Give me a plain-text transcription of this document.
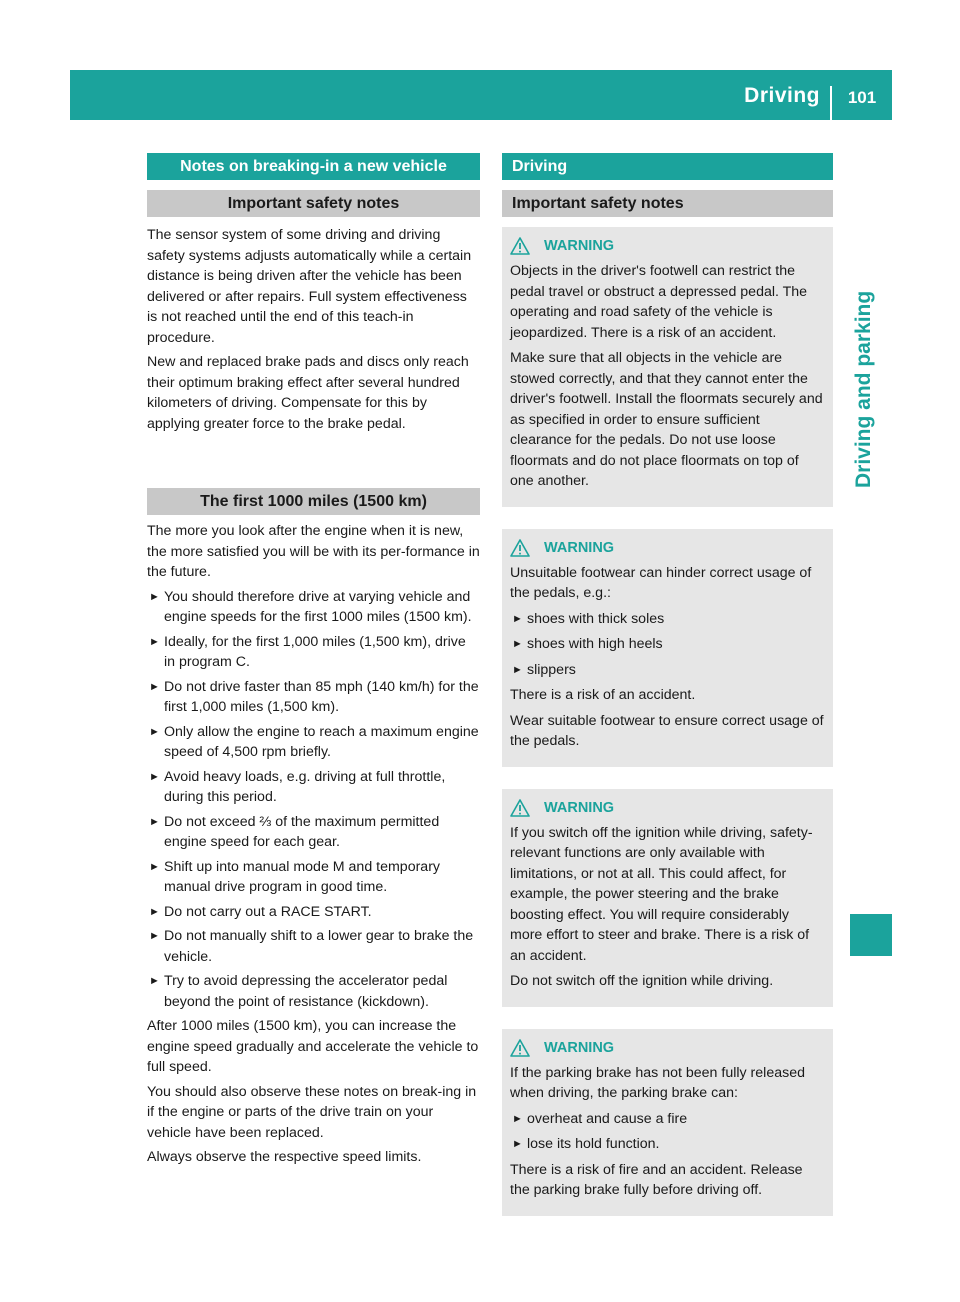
Driving	101
Driving and parking
Notes on breaking-in a new vehicle
Important safety notes

The sensor system of some driving and driving safety systems adjusts automatically while a certain distance is being driven after the vehicle has been delivered or after repairs. Full system effectiveness is not reached until the end of this teach-in procedure.

New and replaced brake pads and discs only reach their optimum braking effect after several hundred kilometers of driving. Compensate for this by applying greater force to the brake pedal.

The first 1000 miles (1500 km)

The more you look after the engine when it is new, the more satisfied you will be with its per-formance in the future.

► You should therefore drive at varying vehicle and engine speeds for the first 1000 miles (1500 km).
► Ideally, for the first 1,000 miles (1,500 km), drive in program C.
► Do not drive faster than 85 mph (140 km/h) for the first 1,000 miles (1,500 km).
► Only allow the engine to reach a maximum engine speed of 4,500 rpm briefly.
► Avoid heavy loads, e.g. driving at full throttle, during this period.
► Do not exceed ⅔ of the maximum permitted engine speed for each gear.
► Shift up into manual mode M and temporary manual drive program in good time.
► Do not carry out a RACE START.
► Do not manually shift to a lower gear to brake the vehicle.
► Try to avoid depressing the accelerator pedal beyond the point of resistance (kickdown).

After 1000 miles (1500 km), you can increase the engine speed gradually and accelerate the vehicle to full speed.

You should also observe these notes on break-ing in if the engine or parts of the drive train on your vehicle have been replaced.

Always observe the respective speed limits.

Driving
Important safety notes
WARNING

Objects in the driver's footwell can restrict the pedal travel or obstruct a depressed pedal. The operating and road safety of the vehicle is jeopardized. There is a risk of an accident.

Make sure that all objects in the vehicle are stowed correctly, and that they cannot enter the driver's footwell. Install the floormats securely and as specified in order to ensure sufficient clearance for the pedals. Do not use loose floormats and do not place floormats on top of one another.

WARNING

Unsuitable footwear can hinder correct usage of the pedals, e.g.:

► shoes with thick soles
► shoes with high heels
► slippers

There is a risk of an accident.

Wear suitable footwear to ensure correct usage of the pedals.

WARNING

If you switch off the ignition while driving, safety-relevant functions are only available with limitations, or not at all. This could affect, for example, the power steering and the brake boosting effect. You will require considerably more effort to steer and brake. There is a risk of an accident.

Do not switch off the ignition while driving.

WARNING

If the parking brake has not been fully released when driving, the parking brake can:

► overheat and cause a fire
► lose its hold function.

There is a risk of fire and an accident. Release the parking brake fully before driving off.
